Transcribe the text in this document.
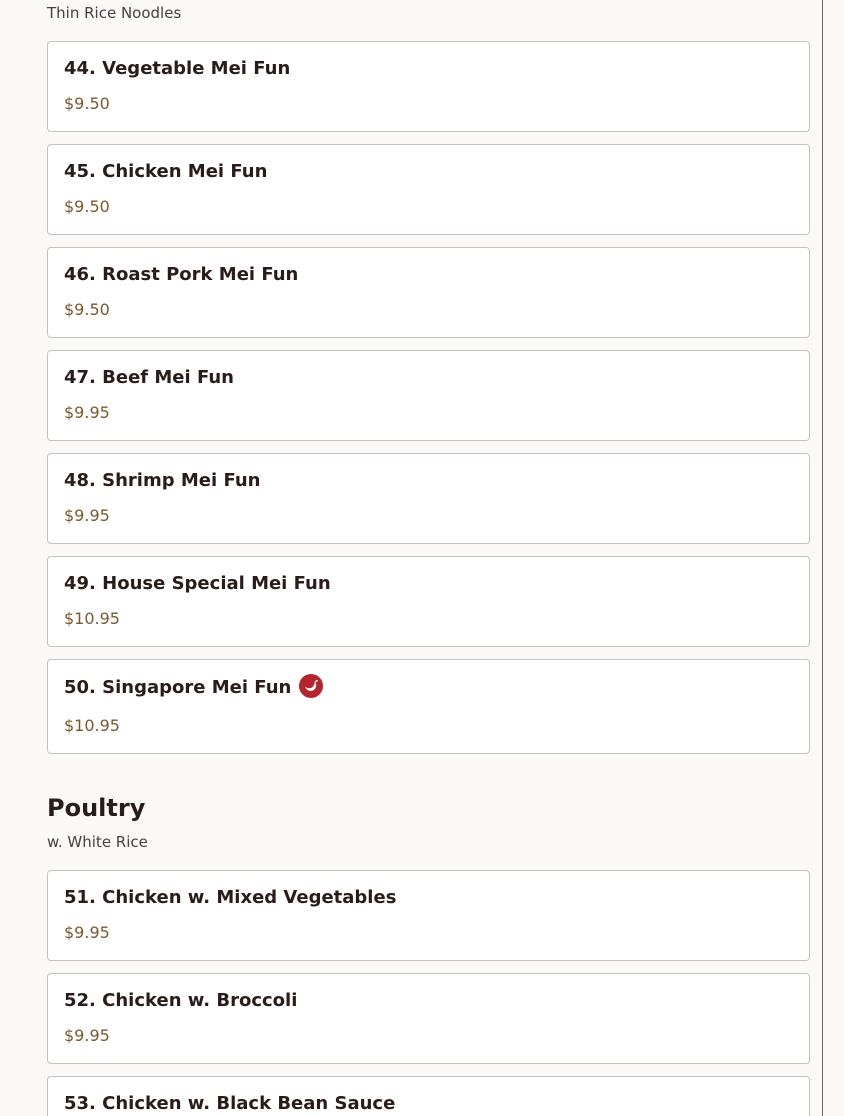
Thin Rice Noodles
44. Vegetable Mei Fun
$9.50
45. Chicken Mei Fun
$9.50
46. Roast Pork Mei Fun
$9.50
47. Beef Mei Fun
$9.95
48. Shrimp Mei Fun
$9.95
49. House Special Mei Fun
$10.95
50. Singapore Mei Fun
$10.95
Poultry
w. White Rice
51. Chicken w. Mixed Vegetables
$9.95
52. Chicken w. Broccoli
$9.95
53. Chicken w. Black Bean Sauce
